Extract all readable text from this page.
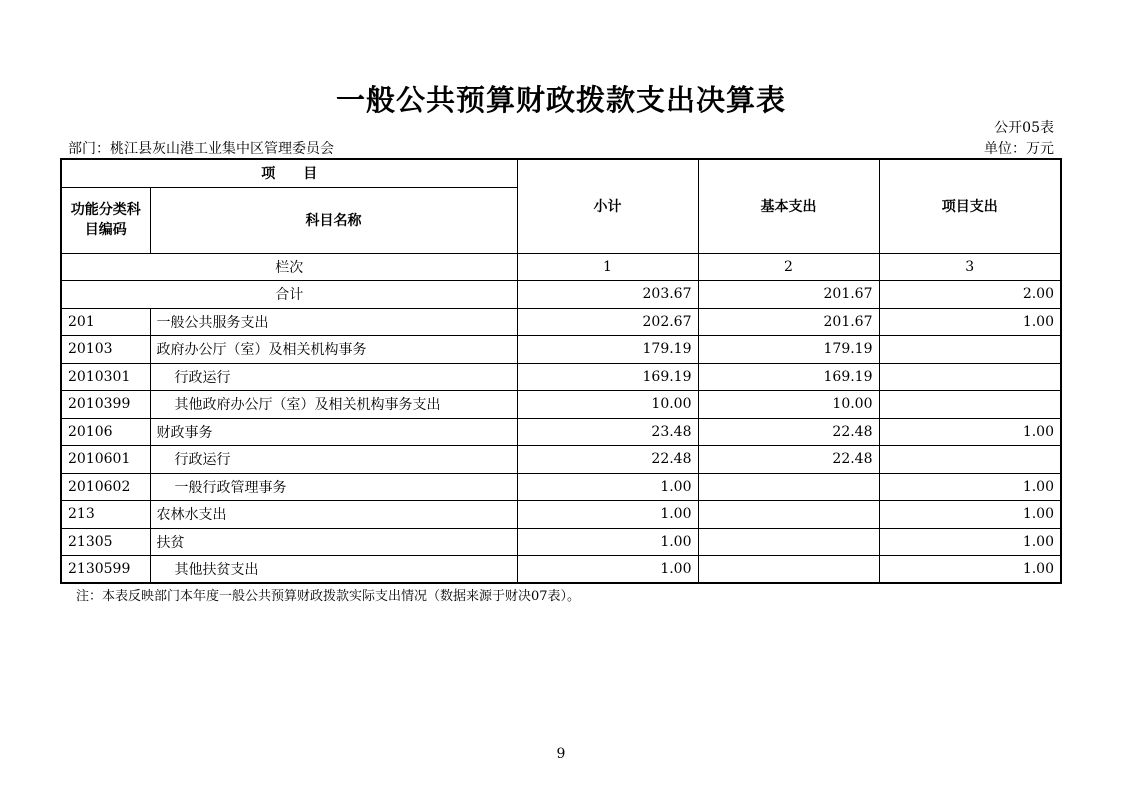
一般公共预算财政拨款支出决算表
公开05表
部门：桃江县灰山港工业集中区管理委员会	单位：万元
项　　目		小计	基本支出	项目支出
功能分类科目编码	科目名称			
栏次		1	2	3
合计		203.67	201.67	2.00
201	一般公共服务支出	202.67	201.67	1.00
20103	政府办公厅（室）及相关机构事务	179.19	179.19	
2010301	行政运行	169.19	169.19	
2010399	其他政府办公厅（室）及相关机构事务支出	10.00	10.00	
20106	财政事务	23.48	22.48	1.00
2010601	行政运行	22.48	22.48	
2010602	一般行政管理事务	1.00		1.00
213	农林水支出	1.00		1.00
21305	扶贫	1.00		1.00
2130599	其他扶贫支出	1.00		1.00
注：本表反映部门本年度一般公共预算财政拨款实际支出情况（数据来源于财决07表）。
9
